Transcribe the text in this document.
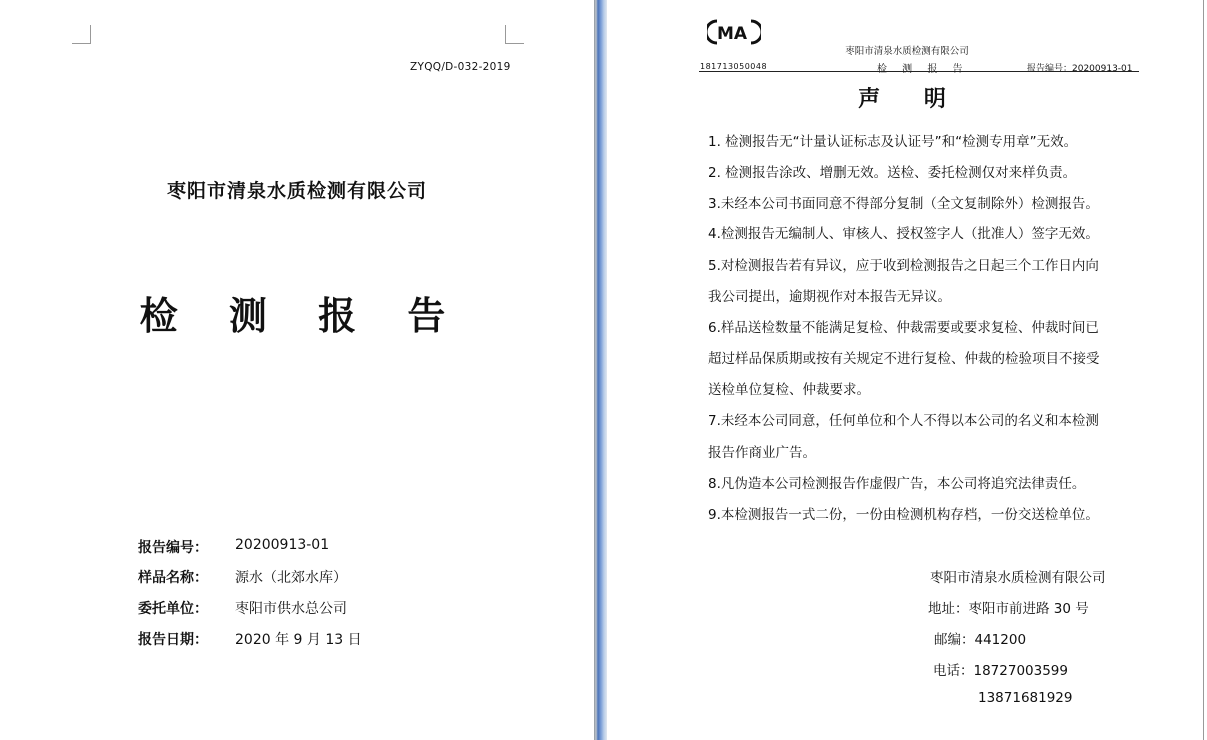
ZYQQ/D-032-2019
枣阳市清泉水质检测有限公司
检 测 报 告
报告编号： 20200913-01
样品名称： 源水（北郊水库）
委托单位： 枣阳市供水总公司
报告日期： 2020 年 9 月 13 日
MA
枣阳市清泉水质检测有限公司
181713050048	检 测 报 告	报告编号：20200913-01
声 明
1. 检测报告无“计量认证标志及认证号”和“检测专用章”无效。
2. 检测报告涂改、增删无效。送检、委托检测仅对来样负责。
3.未经本公司书面同意不得部分复制（全文复制除外）检测报告。
4.检测报告无编制人、审核人、授权签字人（批准人）签字无效。
5.对检测报告若有异议，应于收到检测报告之日起三个工作日内向
我公司提出，逾期视作对本报告无异议。
6.样品送检数量不能满足复检、仲裁需要或要求复检、仲裁时间已
超过样品保质期或按有关规定不进行复检、仲裁的检验项目不接受
送检单位复检、仲裁要求。
7.未经本公司同意，任何单位和个人不得以本公司的名义和本检测
报告作商业广告。
8.凡伪造本公司检测报告作虚假广告，本公司将追究法律责任。
9.本检测报告一式二份，一份由检测机构存档，一份交送检单位。
枣阳市清泉水质检测有限公司
地址：枣阳市前进路 30 号
邮编：441200
电话：18727003599
13871681929
